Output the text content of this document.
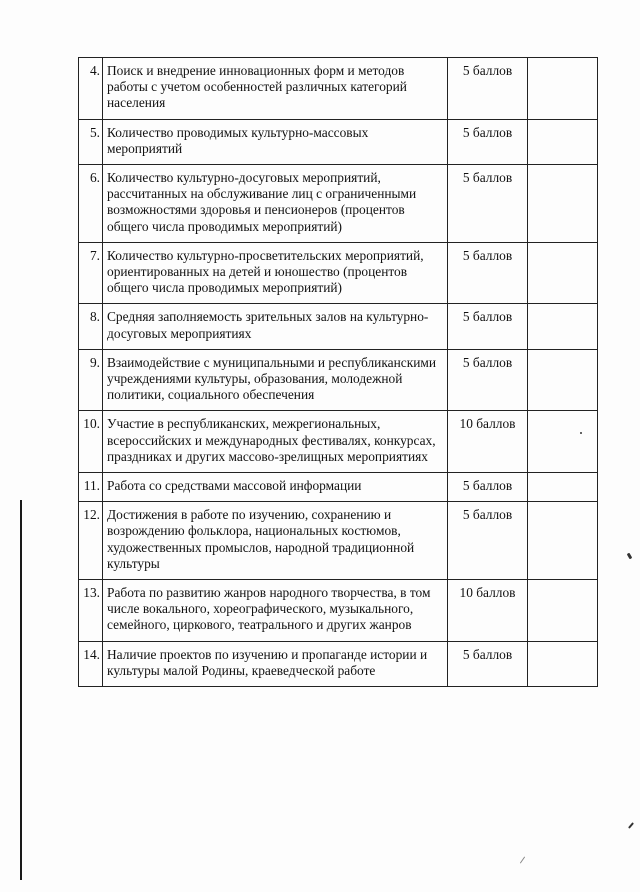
4.	Поиск и внедрение инновационных форм и методов работы с учетом особенностей различных категорий населения	5 баллов	
5.	Количество проводимых культурно-массовых мероприятий	5 баллов	
6.	Количество культурно-досуговых мероприятий, рассчитанных на обслуживание лиц с ограниченными возможностями здоровья и пенсионеров (процентов общего числа проводимых мероприятий)	5 баллов	
7.	Количество культурно-просветительских мероприятий, ориентированных на детей и юношество (процентов общего числа проводимых мероприятий)	5 баллов	
8.	Средняя заполняемость зрительных залов на культурно-досуговых мероприятиях	5 баллов	
9.	Взаимодействие с муниципальными и республиканскими учреждениями культуры, образования, молодежной политики, социального обеспечения	5 баллов	
10.	Участие в республиканских, межрегиональных, всероссийских и международных фестивалях, конкурсах, праздниках и других массово-зрелищных мероприятиях	10 баллов	
11.	Работа со средствами массовой информации	5 баллов	
12.	Достижения в работе по изучению, сохранению и возрождению фольклора, национальных костюмов, художественных промыслов, народной традиционной культуры	5 баллов	
13.	Работа по развитию жанров народного творчества, в том числе вокального, хореографического, музыкального, семейного, циркового, театрального и других жанров	10 баллов	
14.	Наличие проектов по изучению и пропаганде истории и культуры малой Родины, краеведческой работе	5 баллов	
